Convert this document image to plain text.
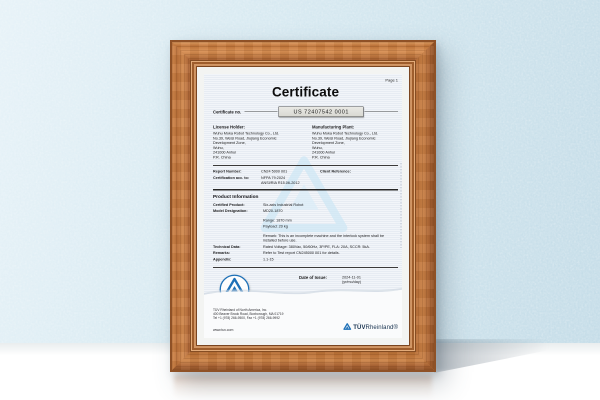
Page 1
Certificate
Certificate no.	US 72407542 0001
License Holder:
Wuhu Moka Robot Technology Co., Ltd.
No.39, Weisi Road, Jiujiang Economic
Development Zone,
Wuhu,
241000 Anhui
P.R. China
Manufacturing Plant:
Wuhu Moka Robot Technology Co., Ltd.
No.39, Weisi Road, Jiujiang Economic
Development Zone,
Wuhu,
241000 Anhui
P.R. China
Report Number:	CN24 5000 001	Client Reference:
Certification acc. to:	NFPA 79:2024
ANSI/RIA R15.06-2012
Product Information
Certified Product:	Six-axis Industrial Robot
Model Designation:	MD20-1870
Range: 1870 mm
Payload: 20 kg
Remark: This is an incomplete machine and the interlock system shall be installed before use.
Technical Data:	Rated Voltage: 380Vac, 50/60Hz, 3P/PE, FLA: 20A, SCCR: 5kA.
Remarks:	Refer to Test report CN245000 001 for details.
Appendix:	1.1-15
Date of Issue: 2024-11-01
(yr/mo/day)
TÜV Rheinland of North America, Inc.
400 Beaver Brook Road, Boxborough, MA 01719
Tel +1 (978) 266-9500, Fax +1 (978) 266-9992
www.tuv.com	TÜVRheinland®
